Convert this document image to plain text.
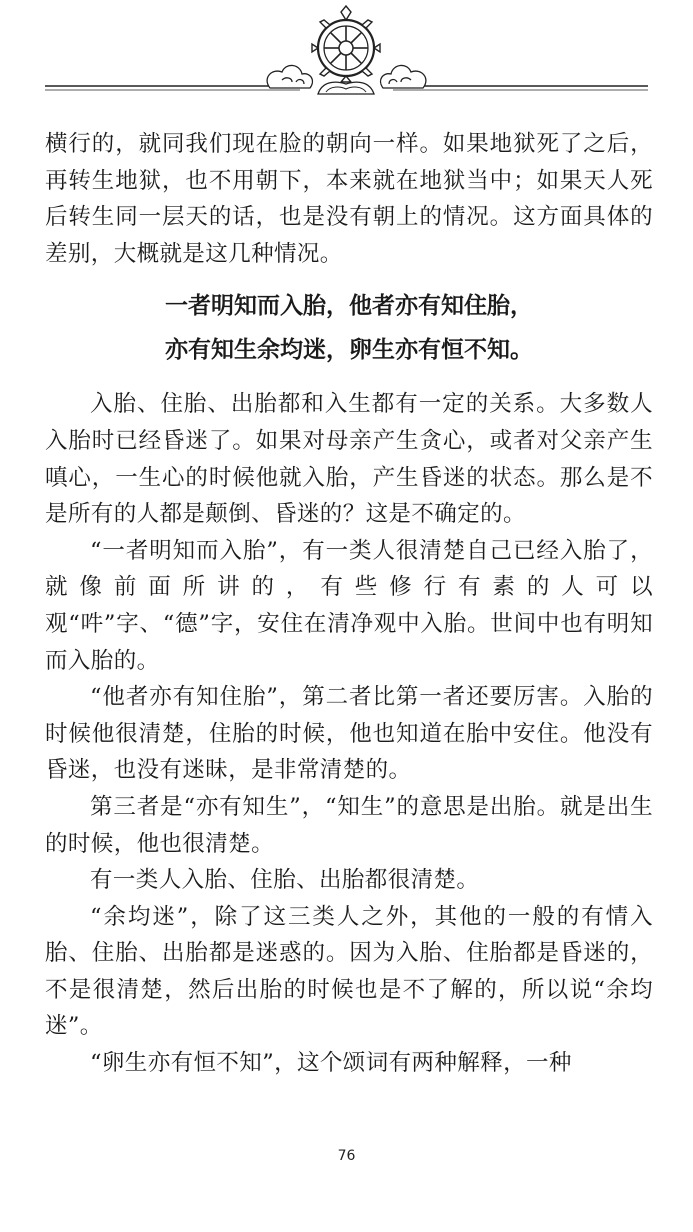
横行的，就同我们现在脸的朝向一样。如果地狱死了之后，再转生地狱，也不用朝下，本来就在地狱当中；如果天人死后转生同一层天的话，也是没有朝上的情况。这方面具体的差别，大概就是这几种情况。

一者明知而入胎，他者亦有知住胎，

亦有知生余均迷，卵生亦有恒不知。

入胎、住胎、出胎都和入生都有一定的关系。大多数人入胎时已经昏迷了。如果对母亲产生贪心，或者对父亲产生嗔心，一生心的时候他就入胎，产生昏迷的状态。那么是不是所有的人都是颠倒、昏迷的？这是不确定的。

“一者明知而入胎”，有一类人很清楚自己已经入胎了，就像前面所讲的，有些修行有素的人可以观“吽”字、“德”字，安住在清净观中入胎。世间中也有明知而入胎的。

“他者亦有知住胎”，第二者比第一者还要厉害。入胎的时候他很清楚，住胎的时候，他也知道在胎中安住。他没有昏迷，也没有迷昧，是非常清楚的。

第三者是“亦有知生”，“知生”的意思是出胎。就是出生的时候，他也很清楚。

有一类人入胎、住胎、出胎都很清楚。

“余均迷”，除了这三类人之外，其他的一般的有情入胎、住胎、出胎都是迷惑的。因为入胎、住胎都是昏迷的，不是很清楚，然后出胎的时候也是不了解的，所以说“余均迷”。

“卵生亦有恒不知”，这个颂词有两种解释，一种

76
